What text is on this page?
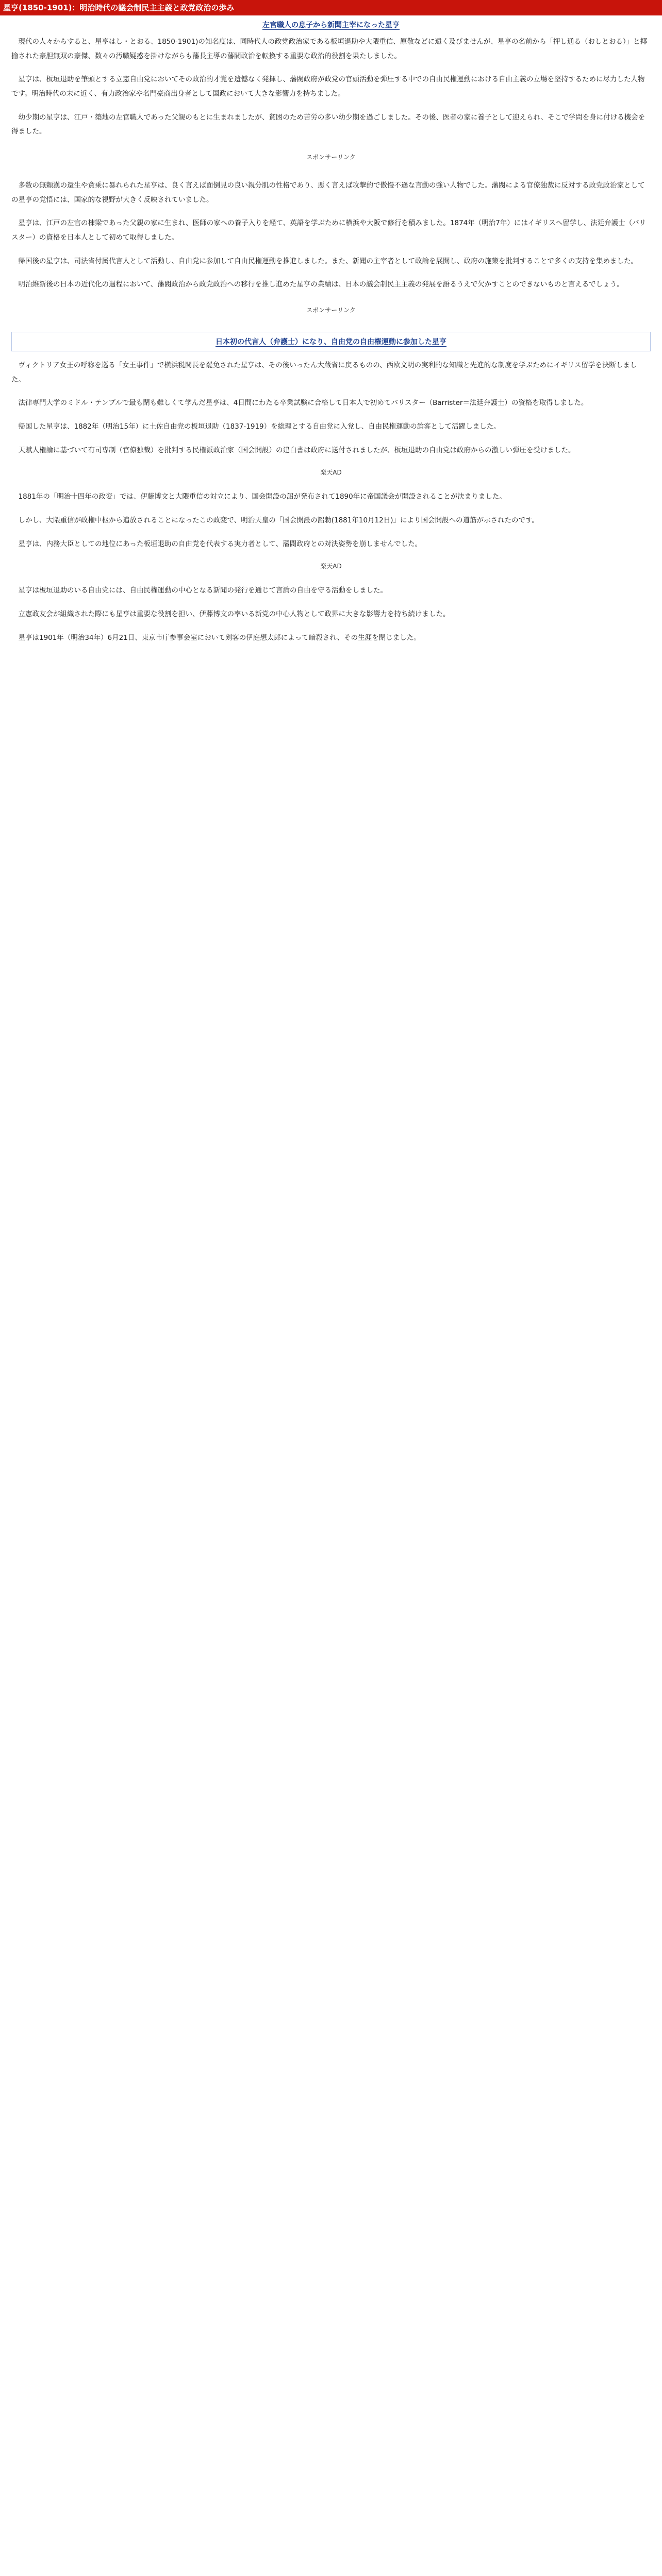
星亨(1850-1901)：明治時代の議会制民主主義と政党政治の歩み
左官職人の息子から新聞主宰になった星亨

現代の人々からすると、星亨はし・とおる、1850-1901)の知名度は、同時代人の政党政治家である板垣退助や大隈重信、原敬などに遠く及びませんが、星亨の名前から「押し通る（おしとおる）」と揶揄された豪胆無双の豪傑、数々の汚職疑惑を掛けながらも藩長主導の藩閥政治を転換する重要な政治的役割を果たしました。

星亨は、板垣退助を筆頭とする立憲自由党においてその政治的才覚を遺憾なく発揮し、藩閥政府が政党の官頭活動を弾圧する中での自由民権運動における自由主義の立場を堅持するために尽力した人物です。明治時代の末に近く、有力政治家や名門豪商出身者として国政において大きな影響力を持ちました。

幼少期の星亨は、江戸・築地の左官職人であった父親のもとに生まれましたが、貧困のため苦労の多い幼少期を過ごしました。その後、医者の家に養子として迎えられ、そこで学問を身に付ける機会を得ました。

スポンサーリンク

多数の無頼漢の還生や貪乗に暴れられた星亨は、良く言えば面倒見の良い親分肌の性格であり、悪く言えば攻撃的で傲慢不遜な言動の強い人物でした。藩閥による官僚独裁に反対する政党政治家としての星亨の覚悟には、国家的な視野が大きく反映されていました。

星亨は、江戸の左官の棟梁であった父親の家に生まれ、医師の家への養子入りを経て、英語を学ぶために横浜や大阪で修行を積みました。1874年（明治7年）にはイギリスへ留学し、法廷弁護士（バリスター）の資格を日本人として初めて取得しました。

帰国後の星亨は、司法省付属代言人として活動し、自由党に参加して自由民権運動を推進しました。また、新聞の主宰者として政論を展開し、政府の施策を批判することで多くの支持を集めました。

明治維新後の日本の近代化の過程において、藩閥政治から政党政治への移行を推し進めた星亨の業績は、日本の議会制民主主義の発展を語るうえで欠かすことのできないものと言えるでしょう。

スポンサーリンク
日本初の代言人（弁護士）になり、自由党の自由権運動に参加した星亨

ヴィクトリア女王の呼称を巡る「女王事件」で横浜税関長を罷免された星亨は、その後いったん大蔵省に戻るものの、西欧文明の実利的な知識と先進的な制度を学ぶためにイギリス留学を決断しました。

法律専門大学のミドル・テンプルで最も閉も難しくて学んだ星亨は、4日間にわたる卒業試験に合格して日本人で初めてバリスター（Barrister＝法廷弁護士）の資格を取得しました。

帰国した星亨は、1882年（明治15年）に土佐自由党の板垣退助（1837-1919）を総理とする自由党に入党し、自由民権運動の論客として活躍しました。

天賦人権論に基づいて有司専制（官僚独裁）を批判する民権派政治家（国会開設）の建白書は政府に送付されましたが、板垣退助の自由党は政府からの激しい弾圧を受けました。

楽天AD

1881年の「明治十四年の政変」では、伊藤博文と大隈重信の対立により、国会開設の詔が発布されて1890年に帝国議会が開設されることが決まりました。

しかし、大隈重信が政権中枢から追放されることになったこの政変で、明治天皇の「国会開設の詔勅(1881年10月12日)」により国会開設への道筋が示されたのです。

星亨は、内務大臣としての地位にあった板垣退助の自由党を代表する実力者として、藩閥政府との対決姿勢を崩しませんでした。

楽天AD

星亨は板垣退助のいる自由党には、自由民権運動の中心となる新聞の発行を通じて言論の自由を守る活動をしました。

立憲政友会が組織された際にも星亨は重要な役割を担い、伊藤博文の率いる新党の中心人物として政界に大きな影響力を持ち続けました。

星亨は1901年（明治34年）6月21日、東京市庁参事会室において剣客の伊庭想太郎によって暗殺され、その生涯を閉じました。
